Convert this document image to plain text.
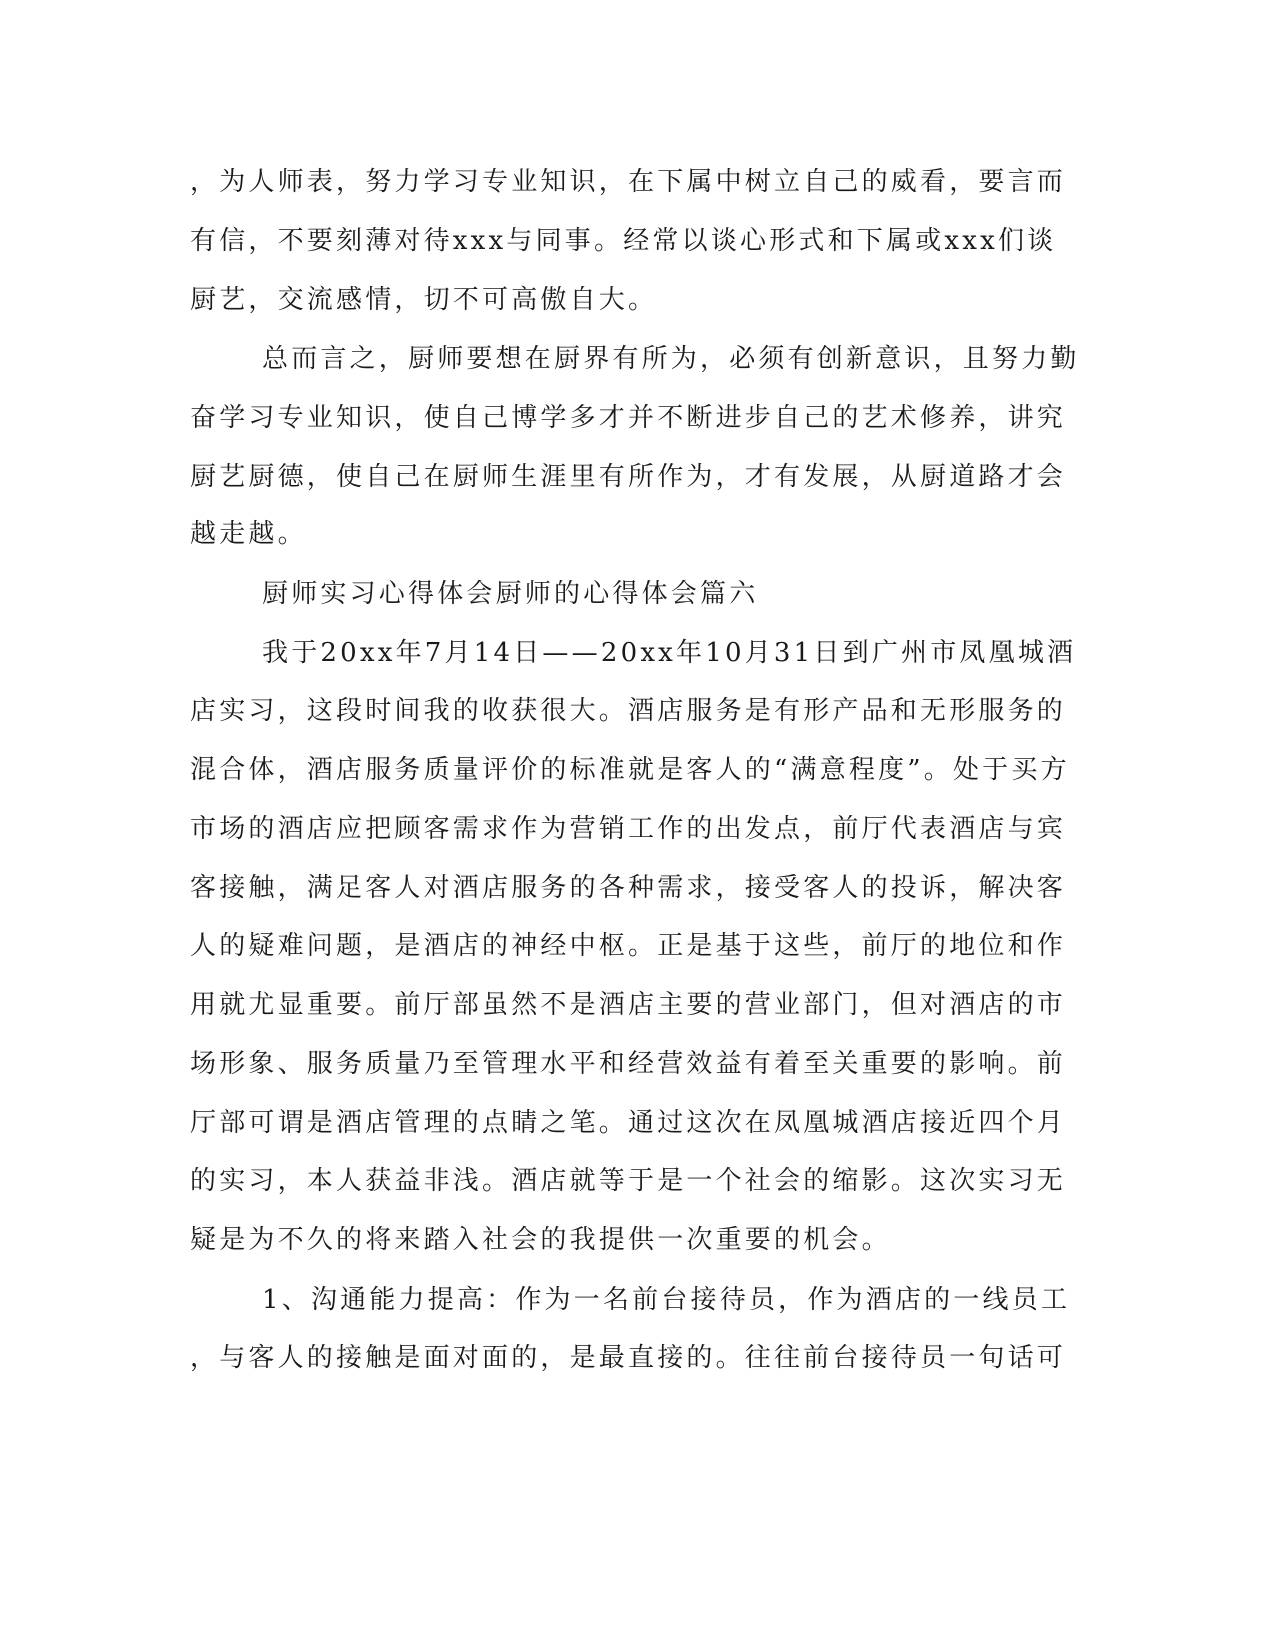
，为人师表，努力学习专业知识，在下属中树立自己的威看，要言而

有信，不要刻薄对待xxx与同事。经常以谈心形式和下属或xxx们谈

厨艺，交流感情，切不可高傲自大。

总而言之，厨师要想在厨界有所为，必须有创新意识，且努力勤

奋学习专业知识，使自己博学多才并不断进步自己的艺术修养，讲究

厨艺厨德，使自己在厨师生涯里有所作为，才有发展，从厨道路才会

越走越。

厨师实习心得体会厨师的心得体会篇六

我于20xx年7月14日——20xx年10月31日到广州市凤凰城酒

店实习，这段时间我的收获很大。酒店服务是有形产品和无形服务的

混合体，酒店服务质量评价的标准就是客人的“满意程度”。处于买方

市场的酒店应把顾客需求作为营销工作的出发点，前厅代表酒店与宾

客接触，满足客人对酒店服务的各种需求，接受客人的投诉，解决客

人的疑难问题，是酒店的神经中枢。正是基于这些，前厅的地位和作

用就尤显重要。前厅部虽然不是酒店主要的营业部门，但对酒店的市

场形象、服务质量乃至管理水平和经营效益有着至关重要的影响。前

厅部可谓是酒店管理的点睛之笔。通过这次在凤凰城酒店接近四个月

的实习，本人获益非浅。酒店就等于是一个社会的缩影。这次实习无

疑是为不久的将来踏入社会的我提供一次重要的机会。

1、沟通能力提高：作为一名前台接待员，作为酒店的一线员工

，与客人的接触是面对面的，是最直接的。往往前台接待员一句话可
